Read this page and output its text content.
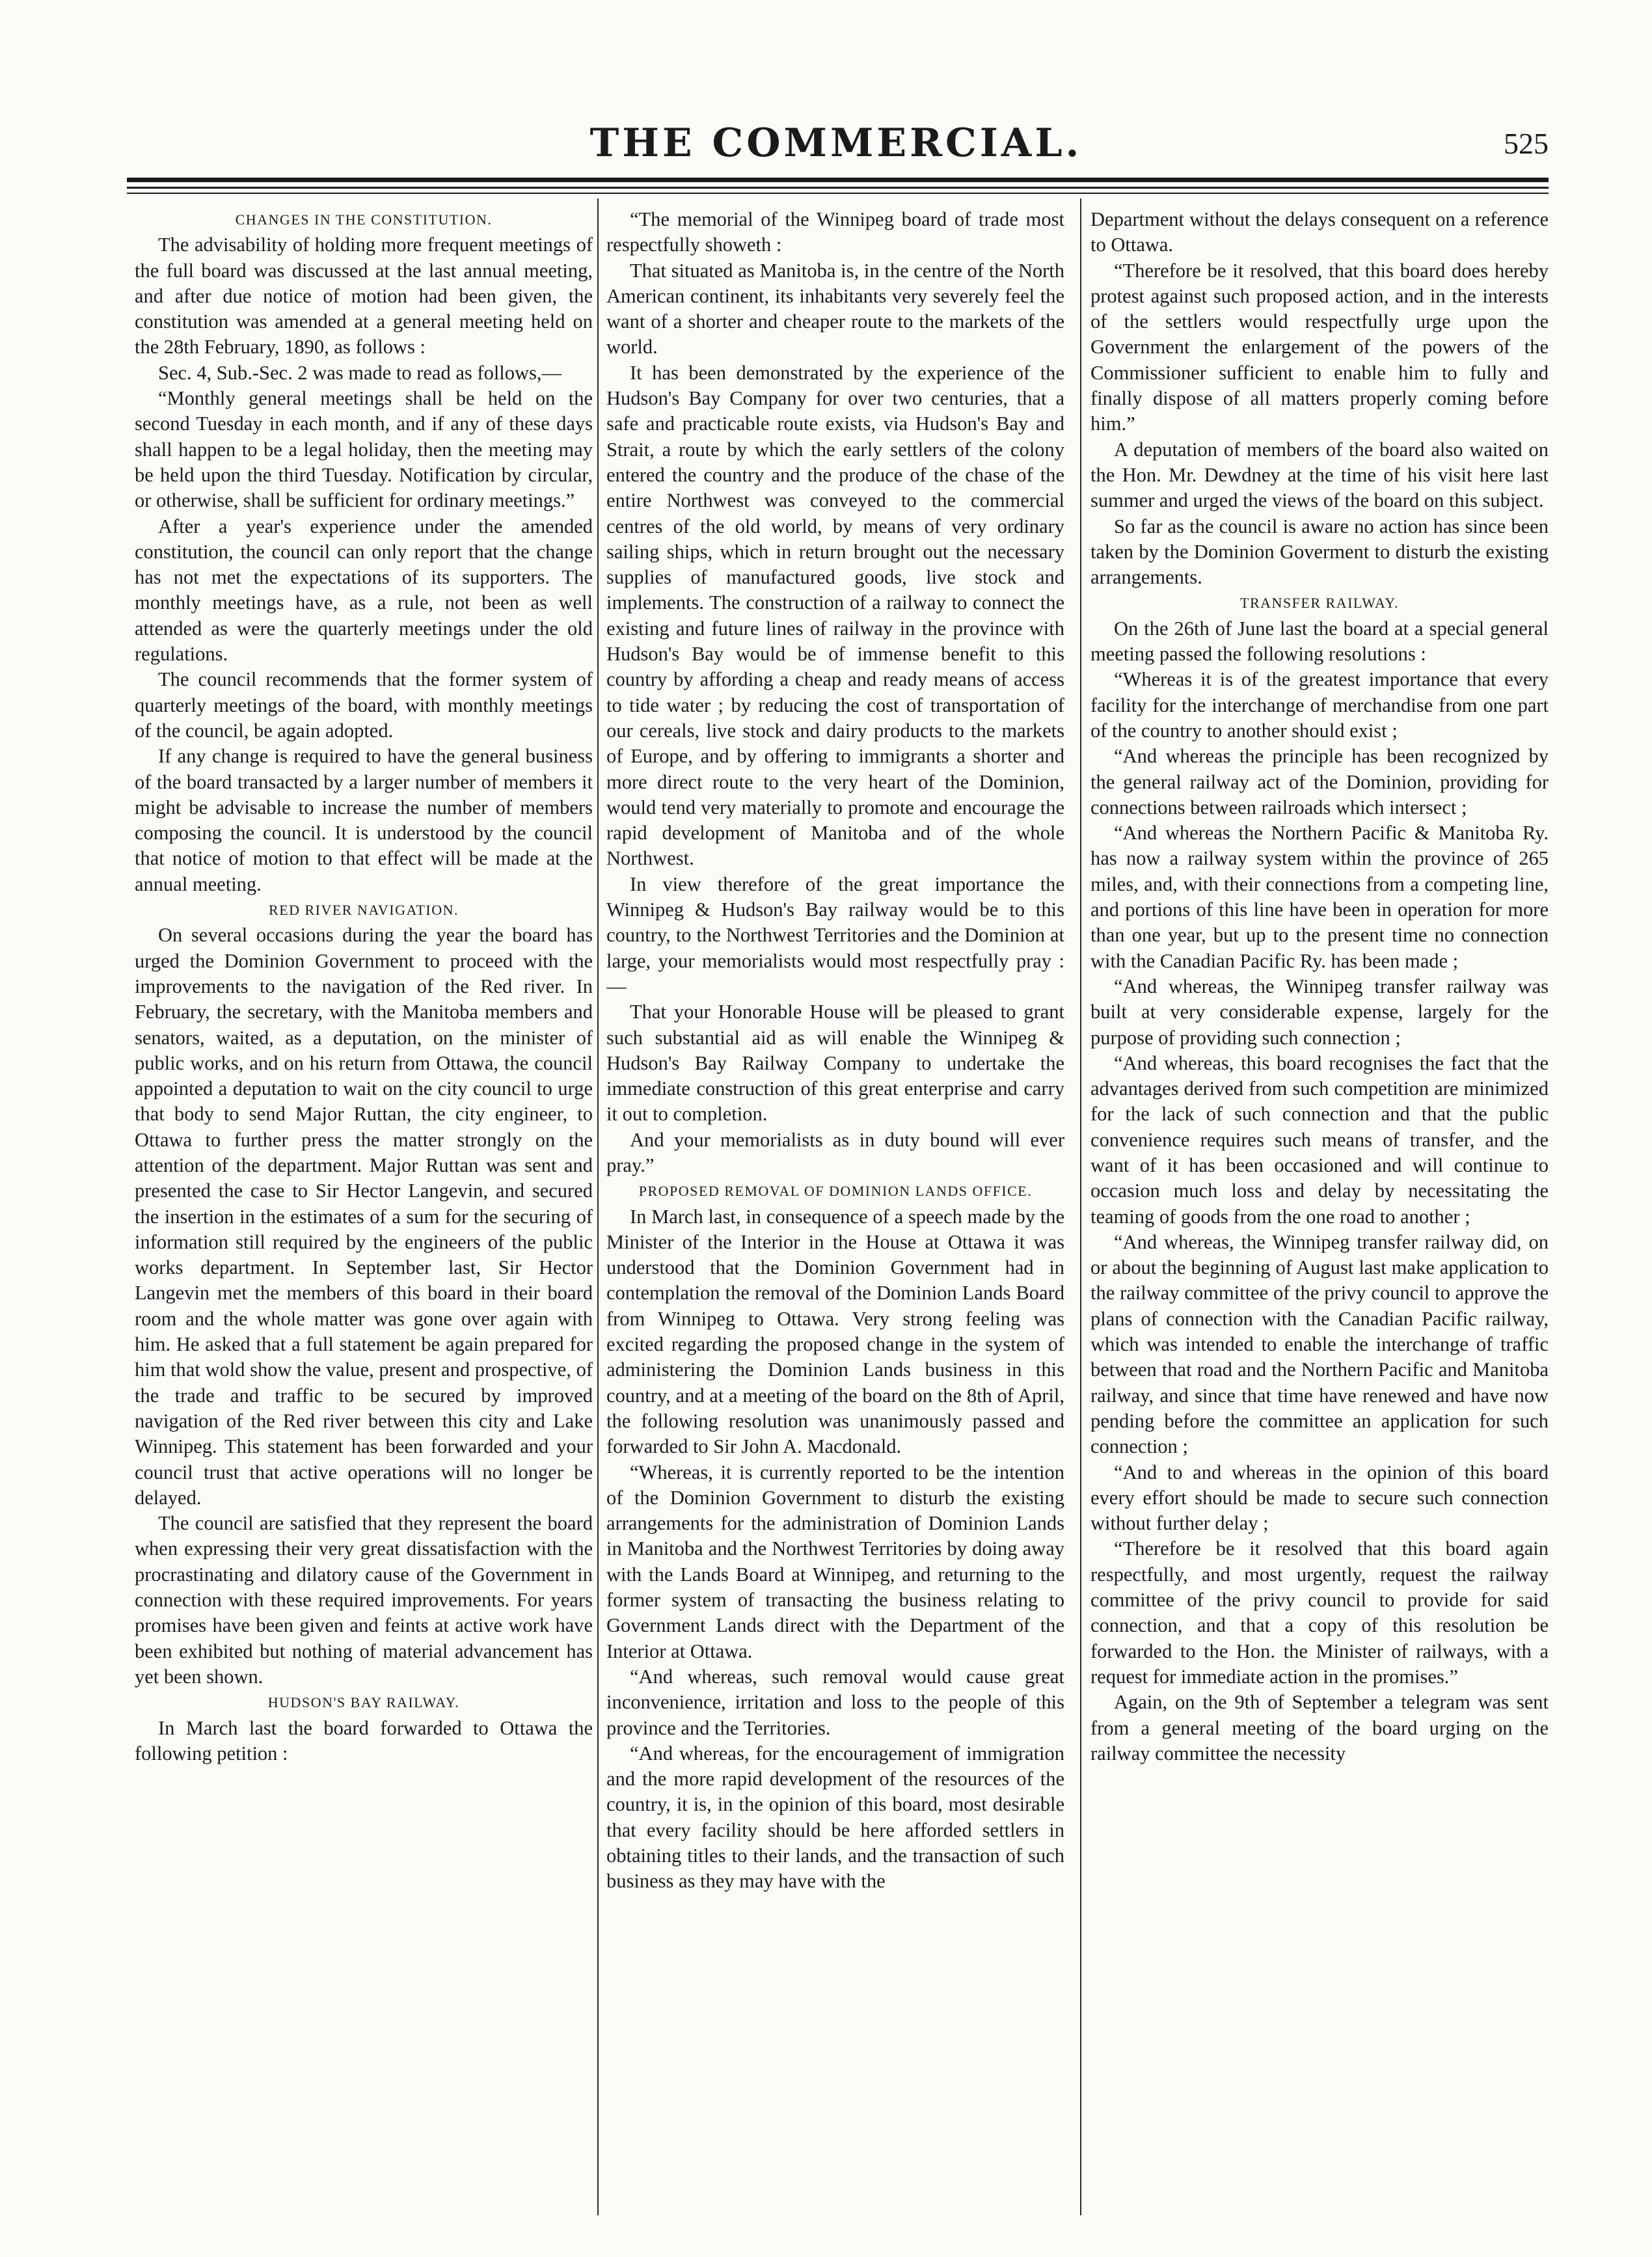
THE COMMERCIAL.	525
CHANGES IN THE CONSTITUTION.

The advisability of holding more frequent meetings of the full board was discussed at the last annual meeting, and after due notice of motion had been given, the constitution was amended at a general meeting held on the 28th February, 1890, as follows :

Sec. 4, Sub.-Sec. 2 was made to read as follows,—

“Monthly general meetings shall be held on the second Tuesday in each month, and if any of these days shall happen to be a legal holiday, then the meeting may be held upon the third Tuesday. Notification by circular, or otherwise, shall be sufficient for ordinary meetings.”

After a year's experience under the amended constitution, the council can only report that the change has not met the expectations of its supporters. The monthly meetings have, as a rule, not been as well attended as were the quarterly meetings under the old regulations.

The council recommends that the former system of quarterly meetings of the board, with monthly meetings of the council, be again adopted.

If any change is required to have the general business of the board transacted by a larger number of members it might be advisable to increase the number of members composing the council. It is understood by the council that notice of motion to that effect will be made at the annual meeting.

RED RIVER NAVIGATION.

On several occasions during the year the board has urged the Dominion Government to proceed with the improvements to the navigation of the Red river. In February, the secretary, with the Manitoba members and senators, waited, as a deputation, on the minister of public works, and on his return from Ottawa, the council appointed a deputation to wait on the city council to urge that body to send Major Ruttan, the city engineer, to Ottawa to further press the matter strongly on the attention of the department. Major Ruttan was sent and presented the case to Sir Hector Langevin, and secured the insertion in the estimates of a sum for the securing of information still required by the engineers of the public works department. In September last, Sir Hector Langevin met the members of this board in their board room and the whole matter was gone over again with him. He asked that a full statement be again prepared for him that wold show the value, present and prospective, of the trade and traffic to be secured by improved navigation of the Red river between this city and Lake Winnipeg. This statement has been forwarded and your council trust that active operations will no longer be delayed.

The council are satisfied that they represent the board when expressing their very great dissatisfaction with the procrastinating and dilatory cause of the Government in connection with these required improvements. For years promises have been given and feints at active work have been exhibited but nothing of material advancement has yet been shown.

HUDSON'S BAY RAILWAY.

In March last the board forwarded to Ottawa the following petition :

“The memorial of the Winnipeg board of trade most respectfully showeth :

That situated as Manitoba is, in the centre of the North American continent, its inhabitants very severely feel the want of a shorter and cheaper route to the markets of the world.

It has been demonstrated by the experience of the Hudson's Bay Company for over two centuries, that a safe and practicable route exists, via Hudson's Bay and Strait, a route by which the early settlers of the colony entered the country and the produce of the chase of the entire Northwest was conveyed to the commercial centres of the old world, by means of very ordinary sailing ships, which in return brought out the necessary supplies of manufactured goods, live stock and implements. The construction of a railway to connect the existing and future lines of railway in the province with Hudson's Bay would be of immense benefit to this country by affording a cheap and ready means of access to tide water ; by reducing the cost of transportation of our cereals, live stock and dairy products to the markets of Europe, and by offering to immigrants a shorter and more direct route to the very heart of the Dominion, would tend very materially to promote and encourage the rapid development of Manitoba and of the whole Northwest.

In view therefore of the great importance the Winnipeg & Hudson's Bay railway would be to this country, to the Northwest Territories and the Dominion at large, your memorialists would most respectfully pray :—

That your Honorable House will be pleased to grant such substantial aid as will enable the Winnipeg & Hudson's Bay Railway Company to undertake the immediate construction of this great enterprise and carry it out to completion.

And your memorialists as in duty bound will ever pray.”

PROPOSED REMOVAL OF DOMINION LANDS OFFICE.

In March last, in consequence of a speech made by the Minister of the Interior in the House at Ottawa it was understood that the Dominion Government had in contemplation the removal of the Dominion Lands Board from Winnipeg to Ottawa. Very strong feeling was excited regarding the proposed change in the system of administering the Dominion Lands business in this country, and at a meeting of the board on the 8th of April, the following resolution was unanimously passed and forwarded to Sir John A. Macdonald.

“Whereas, it is currently reported to be the intention of the Dominion Government to disturb the existing arrangements for the administration of Dominion Lands in Manitoba and the Northwest Territories by doing away with the Lands Board at Winnipeg, and returning to the former system of transacting the business relating to Government Lands direct with the Department of the Interior at Ottawa.

“And whereas, such removal would cause great inconvenience, irritation and loss to the people of this province and the Territories.

“And whereas, for the encouragement of immigration and the more rapid development of the resources of the country, it is, in the opinion of this board, most desirable that every facility should be here afforded settlers in obtaining titles to their lands, and the transaction of such business as they may have with the

Department without the delays consequent on a reference to Ottawa.

“Therefore be it resolved, that this board does hereby protest against such proposed action, and in the interests of the settlers would respectfully urge upon the Government the enlargement of the powers of the Commissioner sufficient to enable him to fully and finally dispose of all matters properly coming before him.”

A deputation of members of the board also waited on the Hon. Mr. Dewdney at the time of his visit here last summer and urged the views of the board on this subject.

So far as the council is aware no action has since been taken by the Dominion Goverment to disturb the existing arrangements.

TRANSFER RAILWAY.

On the 26th of June last the board at a special general meeting passed the following resolutions :

“Whereas it is of the greatest importance that every facility for the interchange of merchandise from one part of the country to another should exist ;

“And whereas the principle has been recognized by the general railway act of the Dominion, providing for connections between railroads which intersect ;

“And whereas the Northern Pacific & Manitoba Ry. has now a railway system within the province of 265 miles, and, with their connections from a competing line, and portions of this line have been in operation for more than one year, but up to the present time no connection with the Canadian Pacific Ry. has been made ;

“And whereas, the Winnipeg transfer railway was built at very considerable expense, largely for the purpose of providing such connection ;

“And whereas, this board recognises the fact that the advantages derived from such competition are minimized for the lack of such connection and that the public convenience requires such means of transfer, and the want of it has been occasioned and will continue to occasion much loss and delay by necessitating the teaming of goods from the one road to another ;

“And whereas, the Winnipeg transfer railway did, on or about the beginning of August last make application to the railway committee of the privy council to approve the plans of connection with the Canadian Pacific railway, which was intended to enable the interchange of traffic between that road and the Northern Pacific and Manitoba railway, and since that time have renewed and have now pending before the committee an application for such connection ;

“And to and whereas in the opinion of this board every effort should be made to secure such connection without further delay ;

“Therefore be it resolved that this board again respectfully, and most urgently, request the railway committee of the privy council to provide for said connection, and that a copy of this resolution be forwarded to the Hon. the Minister of railways, with a request for immediate action in the promises.”

Again, on the 9th of September a telegram was sent from a general meeting of the board urging on the railway committee the necessity
